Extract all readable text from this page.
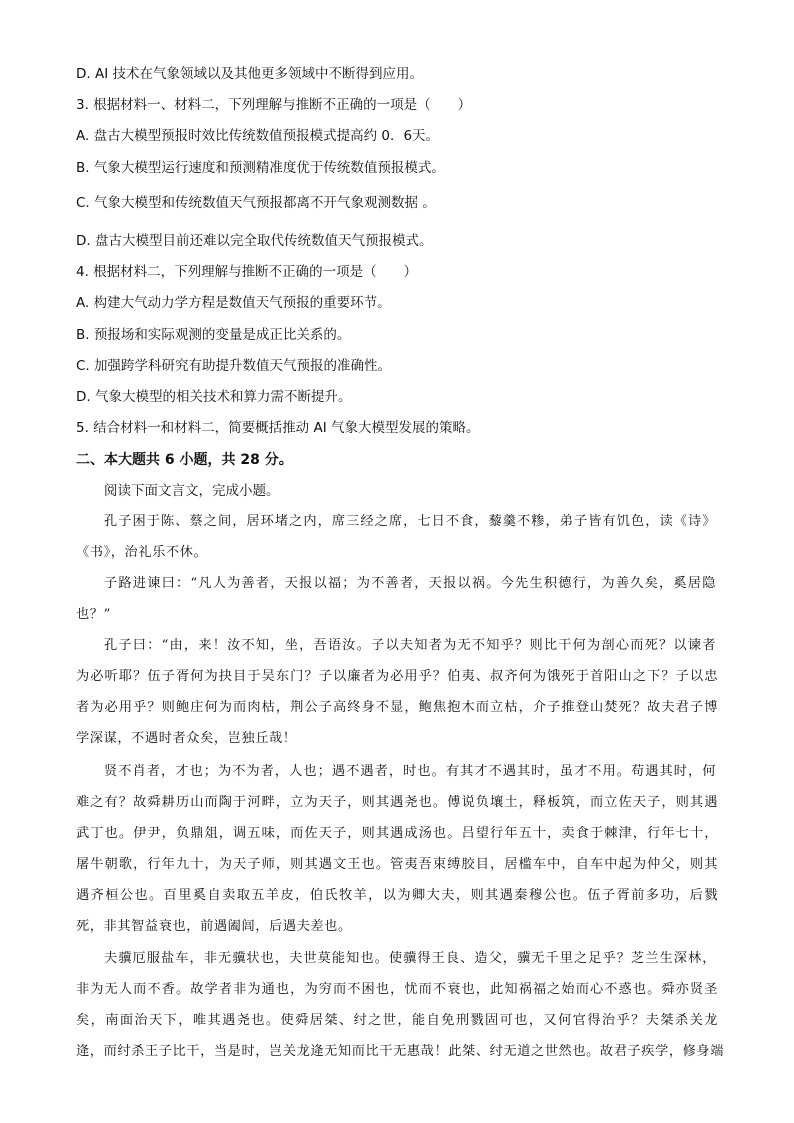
D. AI 技术在气象领域以及其他更多领域中不断得到应用。
3. 根据材料一、材料二，下列理解与推断不正确的一项是（　　）
A. 盘古大模型预报时效比传统数值预报模式提高约 0．6天。
B. 气象大模型运行速度和预测精准度优于传统数值预报模式。
C. 气象大模型和传统数值天气预报都离不开气象观测数据 。
D. 盘古大模型目前还难以完全取代传统数值天气预报模式。
4. 根据材料二，下列理解与推断不正确的一项是（　　）
A. 构建大气动力学方程是数值天气预报的重要环节。
B. 预报场和实际观测的变量是成正比关系的。
C. 加强跨学科研究有助提升数值天气预报的准确性。
D. 气象大模型的相关技术和算力需不断提升。
5. 结合材料一和材料二，简要概括推动 AI 气象大模型发展的策略。
二、本大题共 6 小题，共 28 分。
阅读下面文言文，完成小题。
孔子困于陈、蔡之间，居环堵之内，席三经之席，七日不食，藜羹不糁，弟子皆有饥色，读《诗》
《书》，治礼乐不休。
子路进谏曰：“凡人为善者，天报以福；为不善者，天报以祸。今先生积德行，为善久矣，奚居隐
也？”
孔子曰：“由，来！汝不知，坐，吾语汝。子以夫知者为无不知乎？则比干何为剖心而死？以谏者
为必听耶？伍子胥何为抉目于吴东门？子以廉者为必用乎？伯夷、叔齐何为饿死于首阳山之下？子以忠
者为必用乎？则鲍庄何为而肉枯，荆公子高终身不显，鲍焦抱木而立枯，介子推登山焚死？故夫君子博
学深谋，不遇时者众矣，岂独丘哉！
贤不肖者，才也；为不为者，人也；遇不遇者，时也。有其才不遇其时，虽才不用。苟遇其时，何
难之有？故舜耕历山而陶于河畔，立为天子，则其遇尧也。傅说负壤土，释板筑，而立佐天子，则其遇
武丁也。伊尹，负鼎俎，调五味，而佐天子，则其遇成汤也。吕望行年五十，卖食于棘津，行年七十，
屠牛朝歌，行年九十，为天子师，则其遇文王也。管夷吾束缚胶目，居槛车中，自车中起为仲父，则其
遇齐桓公也。百里奚自卖取五羊皮，伯氏牧羊，以为卿大夫，则其遇秦穆公也。伍子胥前多功，后戮
死，非其智益衰也，前遇阖闾，后遇夫差也。
夫骥厄服盐车，非无骥状也，夫世莫能知也。使骥得王良、造父，骥无千里之足乎？芝兰生深林，
非为无人而不香。故学者非为通也，为穷而不困也，忧而不衰也，此知祸福之始而心不惑也。舜亦贤圣
矣，南面治天下，唯其遇尧也。使舜居桀、纣之世，能自免刑戮固可也，又何官得治乎？夫桀杀关龙
逄，而纣杀王子比干，当是时，岂关龙逄无知而比干无惠哉！此桀、纣无道之世然也。故君子疾学，修身端
